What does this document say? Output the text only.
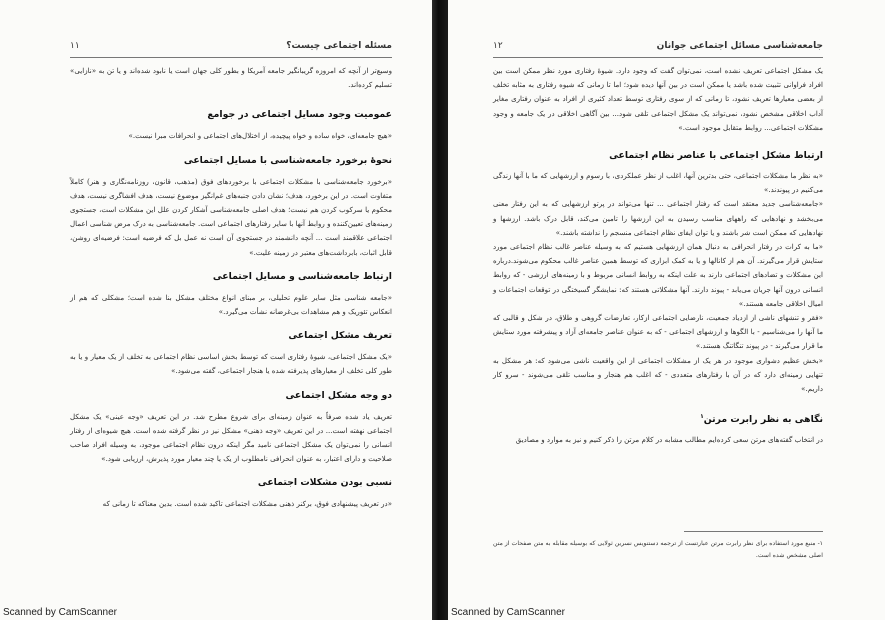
مسئله اجتماعی چیست؟
۱۱

وسیع‌تر از آنچه که امروزه گریبانگیر جامعه آمریکا و بطور کلی جهان است یا نابود شده‌اند و یا تن به «نازایی» تسلیم کرده‌اند.

عمومیت وجود مسایل اجتماعی در جوامع

«هیچ جامعه‌ای، خواه ساده و خواه پیچیده، از اختلال‌های اجتماعی و انحرافات مبرا نیست.»

نحوهٔ برخورد جامعه‌شناسی با مسایل اجتماعی

«برخورد جامعه‌شناسی با مشکلات اجتماعی با برخوردهای فوق (مذهب، قانون، روزنامه‌نگاری و هنر) کاملاً متفاوت است. در این برخورد، هدف؛ نشان دادن جنبه‌های غم‌انگیز موضوع نیست، هدف افشاگری نیست، هدف محکوم یا سرکوب کردن هم نیست؛ هدف اصلی جامعه‌شناسی آشکار کردن علل این مشکلات است، جستجوی زمینه‌های تعیین‌کننده و روابط آنها با سایر رفتارهای اجتماعی است. جامعه‌شناسی به درک مرض شناسی اعمال اجتماعی علاقمند است ... آنچه دانشمند در جستجوی آن است نه عمل بل که فرضیه است: فرضیه‌ای روشن، قابل اثبات، بابرداشت‌های معتبر در زمینه علیت.»

ارتباط جامعه‌شناسی و مسایل اجتماعی

«جامعه شناسی مثل سایر علوم تحلیلی، بر مبنای انواع مختلف مشکل بنا شده است؛ مشکلی که هم از انعکاس تئوریک و هم مشاهدات بی‌غرضانه نشأت می‌گیرد.»

تعریف مشکل اجتماعی

«یک مشکل اجتماعی، شیوهٔ رفتاری است که توسط بخش اساسی نظام اجتماعی به تخلف از یک معیار و یا به طور کلی تخلف از معیارهای پذیرفته شده یا هنجار اجتماعی، گفته می‌شود.»

دو وجه مشکل اجتماعی

تعریف یاد شده صرفاً به عنوان زمینه‌ای برای شروع مطرح شد. در این تعریف «وجه عینی» یک مشکل اجتماعی نهفته است... در این تعریف «وجه ذهنی» مشکل نیز در نظر گرفته شده است. هیچ شیوه‌ای از رفتار انسانی را نمی‌توان یک مشکل اجتماعی نامید مگر اینکه درون نظام اجتماعی موجود، به وسیله افراد صاحب صلاحیت و دارای اعتبار، به عنوان انحرافی نامطلوب از یک یا چند معیار مورد پذیرش، ارزیابی شود.»

نسبی بودن مشکلات اجتماعی

«در تعریف پیشنهادی فوق، برکنر ذهنی مشکلات اجتماعی تاکید شده است. بدین معناکه تا زمانی که

Scanned by CamScanner
جامعه‌شناسی مسائل اجتماعی جوانان
۱۲

یک مشکل اجتماعی تعریف نشده است، نمی‌توان گفت که وجود دارد. شیوهٔ رفتاری مورد نظر ممکن است بین افراد فراوانی تثبیت شده باشد یا ممکن است در بین آنها دیده شود؛ اما تا زمانی که شیوه رفتاری به مثابه تخلف از بعضی معیارها تعریف نشود، تا زمانی که از سوی رفتاری توسط تعداد کثیری از افراد به عنوان رفتاری مغایر آداب اخلاقی مشخص نشود، نمی‌تواند یک مشکل اجتماعی تلقی شود... بین آگاهی اخلاقی در یک جامعه و وجود مشکلات اجتماعی... روابط متقابل موجود است.»

ارتباط مشکل اجتماعی با عناصر نظام اجتماعی

«به نظر ما مشکلات اجتماعی، حتی بدترین آنها، اغلب از نظر عملکردی، با رسوم و ارزشهایی که ما با آنها زندگی می‌کنیم در پیوندند.»

«جامعه‌شناسی جدید معتقد است که رفتار اجتماعی ... تنها می‌تواند در پرتو ارزشهایی که به این رفتار معنی می‌بخشد و نهادهایی که راههای مناسب رسیدن به این ارزشها را تامین می‌کند، قابل درک باشد. ارزشها و نهادهایی که ممکن است شر باشند و یا توان ایفای نظام اجتماعی منسجم را نداشته باشند.»

«ما به کرات در رفتار انحرافی به دنبال همان ارزشهایی هستیم که به وسیله عناصر غالب نظام اجتماعی مورد ستایش قرار می‌گیرند. آن هم از کانالها و یا به کمک ابزاری که توسط همین عناصر غالب محکوم می‌شوند.درباره این مشکلات و تضادهای اجتماعی دارند به علت اینکه به روابط انسانی مربوط و با زمینه‌های ارزشی - که روابط انسانی درون آنها جریان می‌یابد - پیوند دارند. آنها مشکلاتی هستند که: نمایشگر گسیختگی در توقعات اجتماعات و امیال اخلاقی جامعه هستند.»

«فقر و تنشهای ناشی از ازدیاد جمعیت، نارضایی اجتماعی ازکار، تعارضات گروهی و طلاق، در شکل و قالبی که ما آنها را می‌شناسیم - با الگوها و ارزشهای اجتماعی - که به عنوان عناصر جامعه‌ای آزاد و پیشرفته مورد ستایش ما قرار می‌گیرند - در پیوند تنگاتنگ هستند.»

«بخش عظیم دشواری موجود در هر یک از مشکلات اجتماعی از این واقعیت ناشی می‌شود که: هر مشکل به تنهایی زمینه‌ای دارد که در آن با رفتارهای متعددی - که اغلب هم هنجار و مناسب تلقی می‌شوند - سرو کار داریم.»

نگاهی به نظر رابرت مرتن$^۱$

در انتخاب گفته‌های مرتن سعی کرده‌ایم مطالب مشابه در کلام مرتن را ذکر کنیم و نیز به موارد و مصادیق

۱- منبع مورد استفاده برای نظر رابرت مرتن عبارتست از ترجمه دستنویس نسرین ثولایی که بوسیله مقابله به متن صفحات از متن اصلی مشخص شده است.
Scanned by CamScanner
